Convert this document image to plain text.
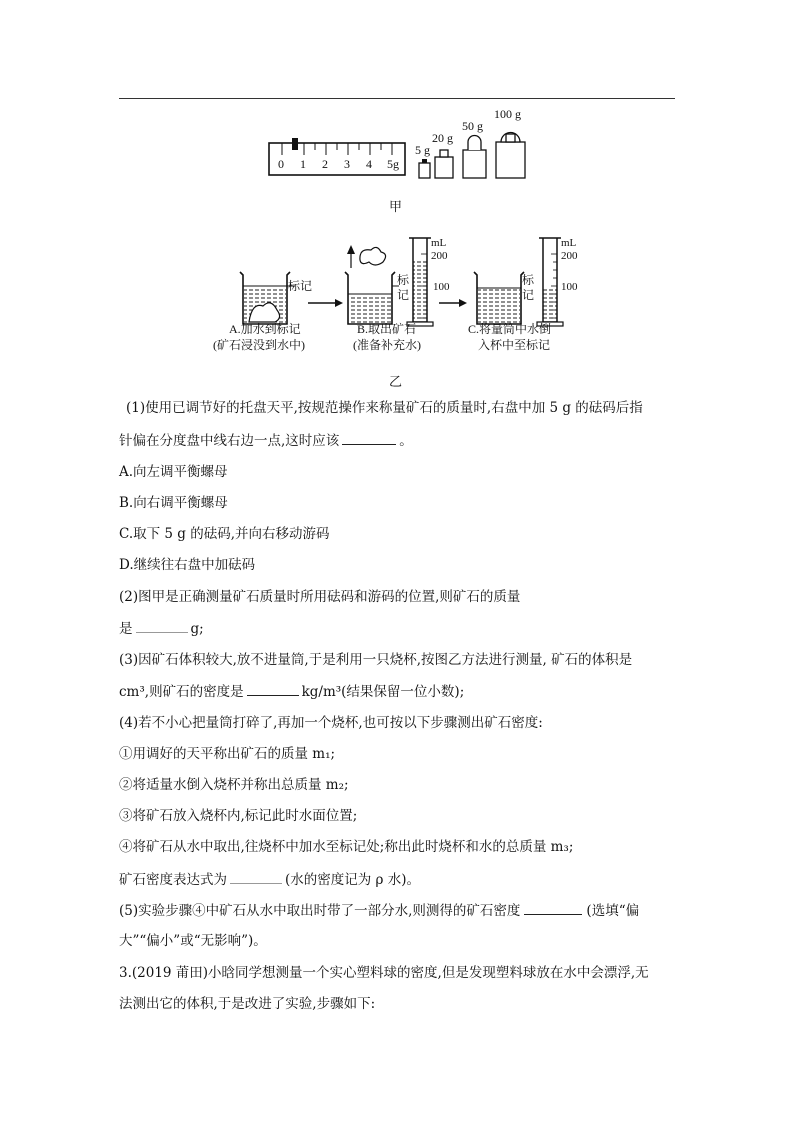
0 1 2 3 4 5g
5 g
20 g
50 g
100 g
甲
标记	标
记
mL
200
100	标
记
mL
200
100
A.加水到标记
(矿石浸没到水中)
B.取出矿石
(准备补充水)
C.将量筒中水倒
入杯中至标记
乙
(1)使用已调节好的托盘天平,按规范操作来称量矿石的质量时,右盘中加 5 g 的砝码后指
针偏在分度盘中线右边一点,这时应该	。
A.向左调平衡螺母
B.向右调平衡螺母
C.取下 5 g 的砝码,并向右移动游码
D.继续往右盘中加砝码
(2)图甲是正确测量矿石质量时所用砝码和游码的位置,则矿石的质量
是	g;
(3)因矿石体积较大,放不进量筒,于是利用一只烧杯,按图乙方法进行测量, 矿石的体积是
cm³,则矿石的密度是	kg/m³(结果保留一位小数);
(4)若不小心把量筒打碎了,再加一个烧杯,也可按以下步骤测出矿石密度:
①用调好的天平称出矿石的质量 m₁;
②将适量水倒入烧杯并称出总质量 m₂;
③将矿石放入烧杯内,标记此时水面位置;
④将矿石从水中取出,往烧杯中加水至标记处;称出此时烧杯和水的总质量 m₃;
矿石密度表达式为	(水的密度记为 ρ 水)。
(5)实验步骤④中矿石从水中取出时带了一部分水,则测得的矿石密度	(选填“偏
大”“偏小”或“无影响”)。
3.(2019 莆田)小晗同学想测量一个实心塑料球的密度,但是发现塑料球放在水中会漂浮,无
法测出它的体积,于是改进了实验,步骤如下:
